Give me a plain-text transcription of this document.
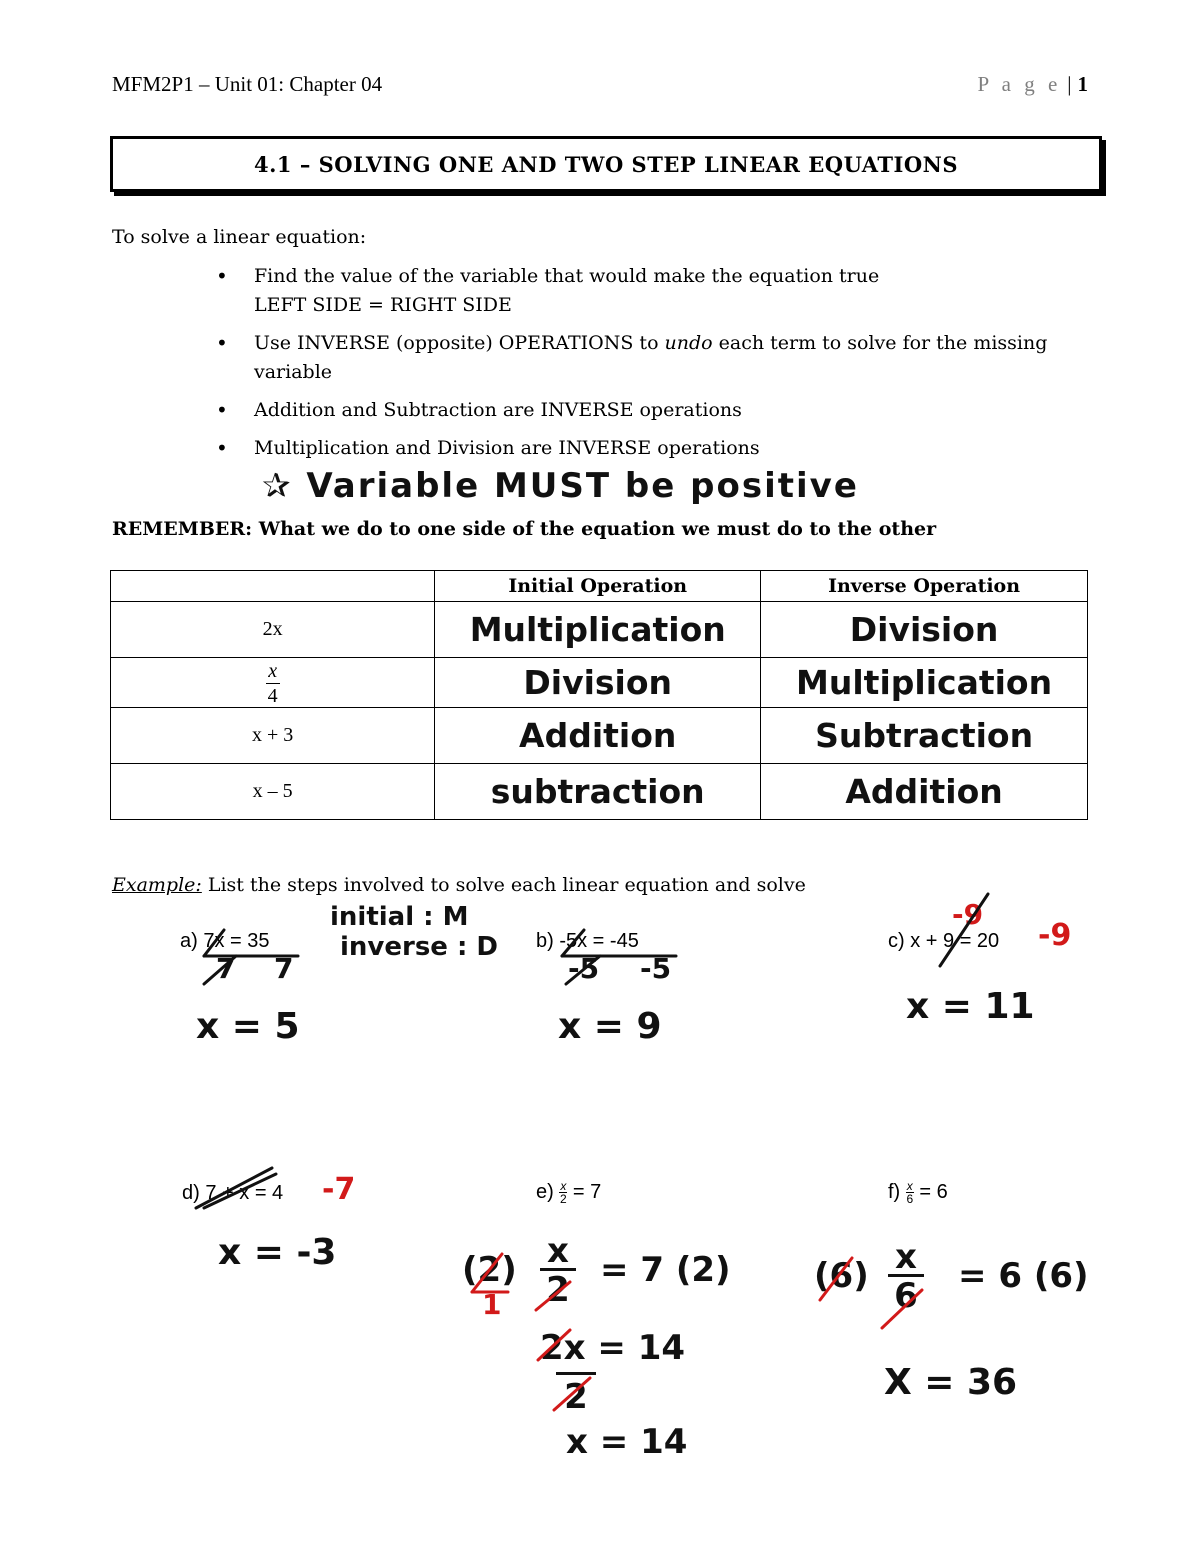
MFM2P1 – Unit 01: Chapter 04	P a g e | 1
4.1 – SOLVING ONE AND TWO STEP LINEAR EQUATIONS
To solve a linear equation:
• Find the value of the variable that would make the equation true
LEFT SIDE = RIGHT SIDE
• Use INVERSE (opposite) OPERATIONS to undo each term to solve for the missing variable
• Addition and Subtraction are INVERSE operations
• Multiplication and Division are INVERSE operations
✰ Variable MUST be positive
REMEMBER: What we do to one side of the equation we must do to the other
	Initial Operation	Inverse Operation
2x	Multiplication	Division

$\frac{x}{4}$	Division	Multiplication
x + 3	Addition	Subtraction
x – 5	subtraction	Addition
Example: List the steps involved to solve each linear equation and solve
a) 7x = 35
7 7
initial : M
inverse : D
x = 5
b) -5x = -45
-5 -5
x = 9
c) x + 9 = 20
-9
-9
x = 11
d) 7 + x = 4 -7
x = -3
$e) \frac{x}{2} = 7$
$(2) \frac{x}{2} = 7$ (2)
1
2x = 14
2
x = 14
$f) \frac{x}{6} = 6$
$(6) \frac{x}{6} = 6$ (6)
X = 36
